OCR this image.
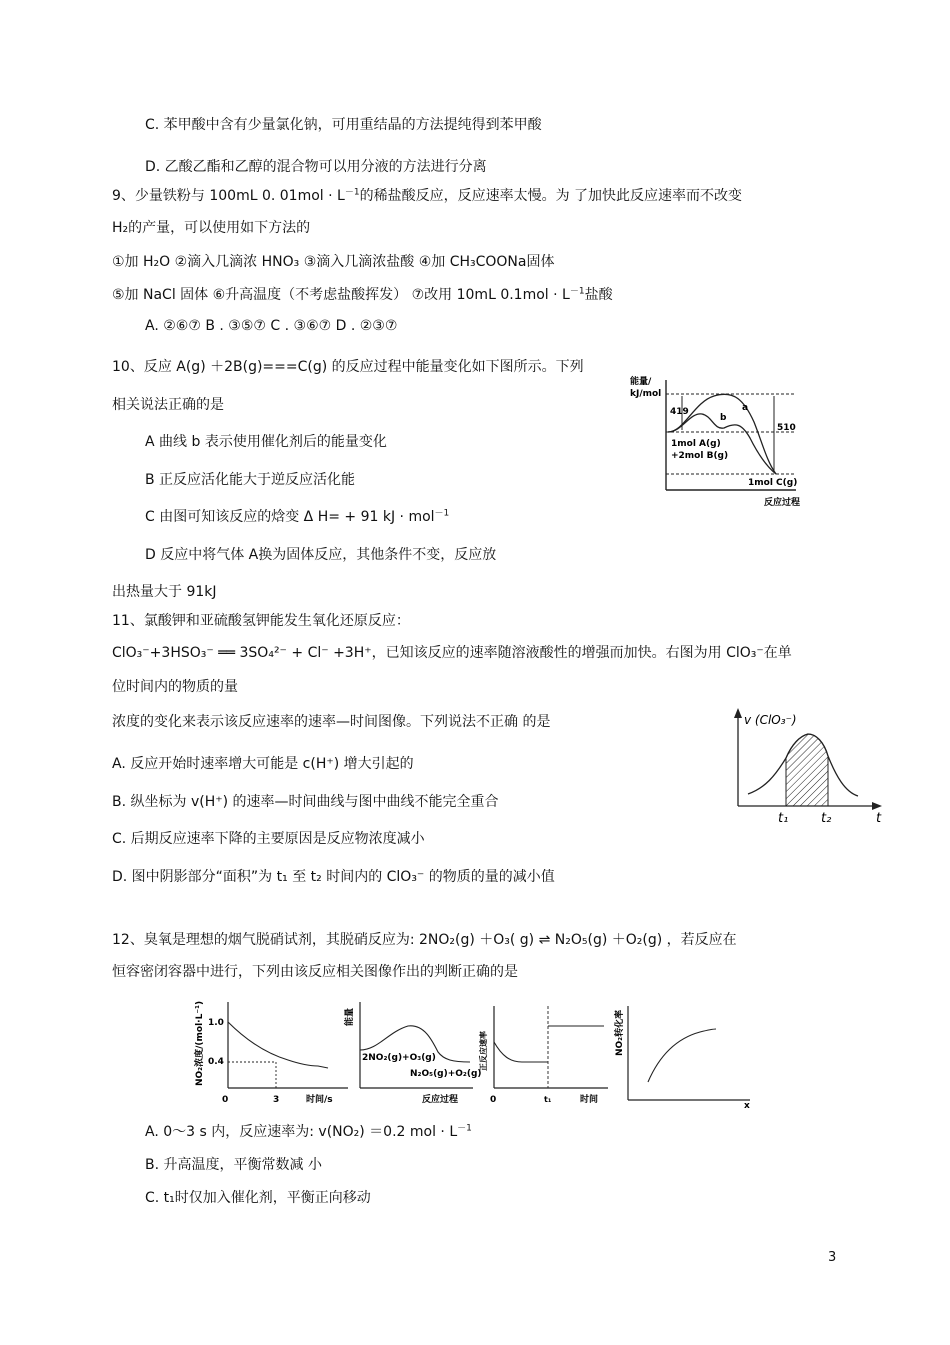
C. 苯甲酸中含有少量氯化钠，可用重结晶的方法提纯得到苯甲酸
D. 乙酸乙酯和乙醇的混合物可以用分液的方法进行分离
9、少量铁粉与 100mL 0. $01mol \cdot L^{-1}$的稀盐酸反应，反应速率太慢。为 了加快此反应速率而不改变
H₂的产量，可以使用如下方法的
①加 H₂O ②滴入几滴浓 HNO₃ ③滴入几滴浓盐酸 ④加 CH₃COONa固体
⑤加 NaCl 固体 ⑥升高温度（不考虑盐酸挥发） ⑦改用 10mL $0.1mol \cdot L^{-1}$盐酸
A. ②⑥⑦ B . ③⑤⑦ C . ③⑥⑦ D . ②③⑦
10、反应 A(g) ＋2B(g)===C(g) 的反应过程中能量变化如下图所示。下列
相关说法正确的是
A 曲线 b 表示使用催化剂后的能量变化
B 正反应活化能大于逆反应活化能
C 由图可知该反应的焓变 Δ H= + 91 kJ · mol$^{-1}$
D 反应中将气体 A换为固体反应，其他条件不变，反应放
出热量大于 91kJ
能量/
kJ/mol
419
510
a
b
1mol A(g)
+2mol B(g)
1mol C(g)
反应过程
11、氯酸钾和亚硫酸氢钾能发生氧化还原反应：
ClO₃⁻+3HSO₃⁻ ══ 3SO₄²⁻ + Cl⁻ +3H⁺，已知该反应的速率随溶液酸性的增强而加快。右图为用 ClO₃⁻在单
位时间内的物质的量
浓度的变化来表示该反应速率的速率—时间图像。下列说法不正确 的是
A. 反应开始时速率增大可能是 c(H⁺) 增大引起的
B. 纵坐标为 v(H⁺) 的速率—时间曲线与图中曲线不能完全重合
C. 后期反应速率下降的主要原因是反应物浓度减小
D. 图中阴影部分“面积”为 t₁ 至 t₂ 时间内的 ClO₃⁻ 的物质的量的减小值
v (ClO₃⁻)
t₁	t₂	t
12、臭氧是理想的烟气脱硝试剂，其脱硝反应为: 2NO₂(g) ＋O₃( g) ⇌ N₂O₅(g) ＋O₂(g) ，若反应在
恒容密闭容器中进行，下列由该反应相关图像作出的判断正确的是
NO₂浓度/(mol·L⁻¹) 1.0
0.4
0	3	时间/s
能量
2NO₂(g)+O₃(g)
N₂O₅(g)+O₂(g)
反应过程
正反应速率
0	t₁	时间
NO₂转化率
x
A. 0～3 s 内，反应速率为: v(NO₂) ＝0.2 mol · $L^{-1}$
B. 升高温度，平衡常数减 小
C. t₁时仅加入催化剂，平衡正向移动
3
